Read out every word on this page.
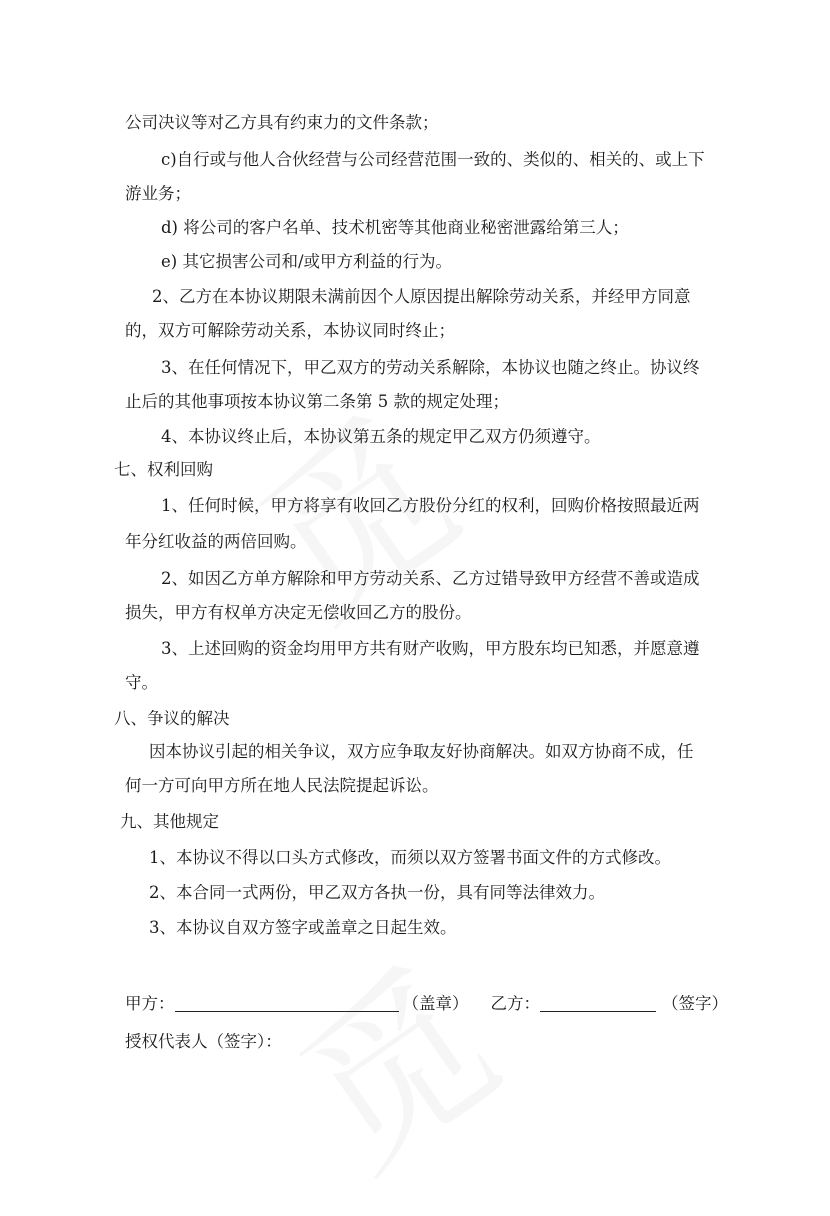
公司决议等对乙方具有约束力的文件条款；
c)自行或与他人合伙经营与公司经营范围一致的、类似的、相关的、或上下
游业务；
d) 将公司的客户名单、技术机密等其他商业秘密泄露给第三人；
e) 其它损害公司和/或甲方利益的行为。
2、乙方在本协议期限未满前因个人原因提出解除劳动关系，并经甲方同意
的，双方可解除劳动关系，本协议同时终止；
3、在任何情况下，甲乙双方的劳动关系解除，本协议也随之终止。协议终
止后的其他事项按本协议第二条第 5 款的规定处理；
4、本协议终止后，本协议第五条的规定甲乙双方仍须遵守。
七、权利回购
1、任何时候，甲方将享有收回乙方股份分红的权利，回购价格按照最近两
年分红收益的两倍回购。
2、如因乙方单方解除和甲方劳动关系、乙方过错导致甲方经营不善或造成
损失，甲方有权单方决定无偿收回乙方的股份。
3、上述回购的资金均用甲方共有财产收购，甲方股东均已知悉，并愿意遵
守。
八、争议的解决
因本协议引起的相关争议，双方应争取友好协商解决。如双方协商不成，任
何一方可向甲方所在地人民法院提起诉讼。
九、其他规定
1、本协议不得以口头方式修改，而须以双方签署书面文件的方式修改。
2、本合同一式两份，甲乙双方各执一份，具有同等法律效力。
3、本协议自双方签字或盖章之日起生效。
甲方：	（盖章） 乙方：	（签字）
授权代表人（签字）：
